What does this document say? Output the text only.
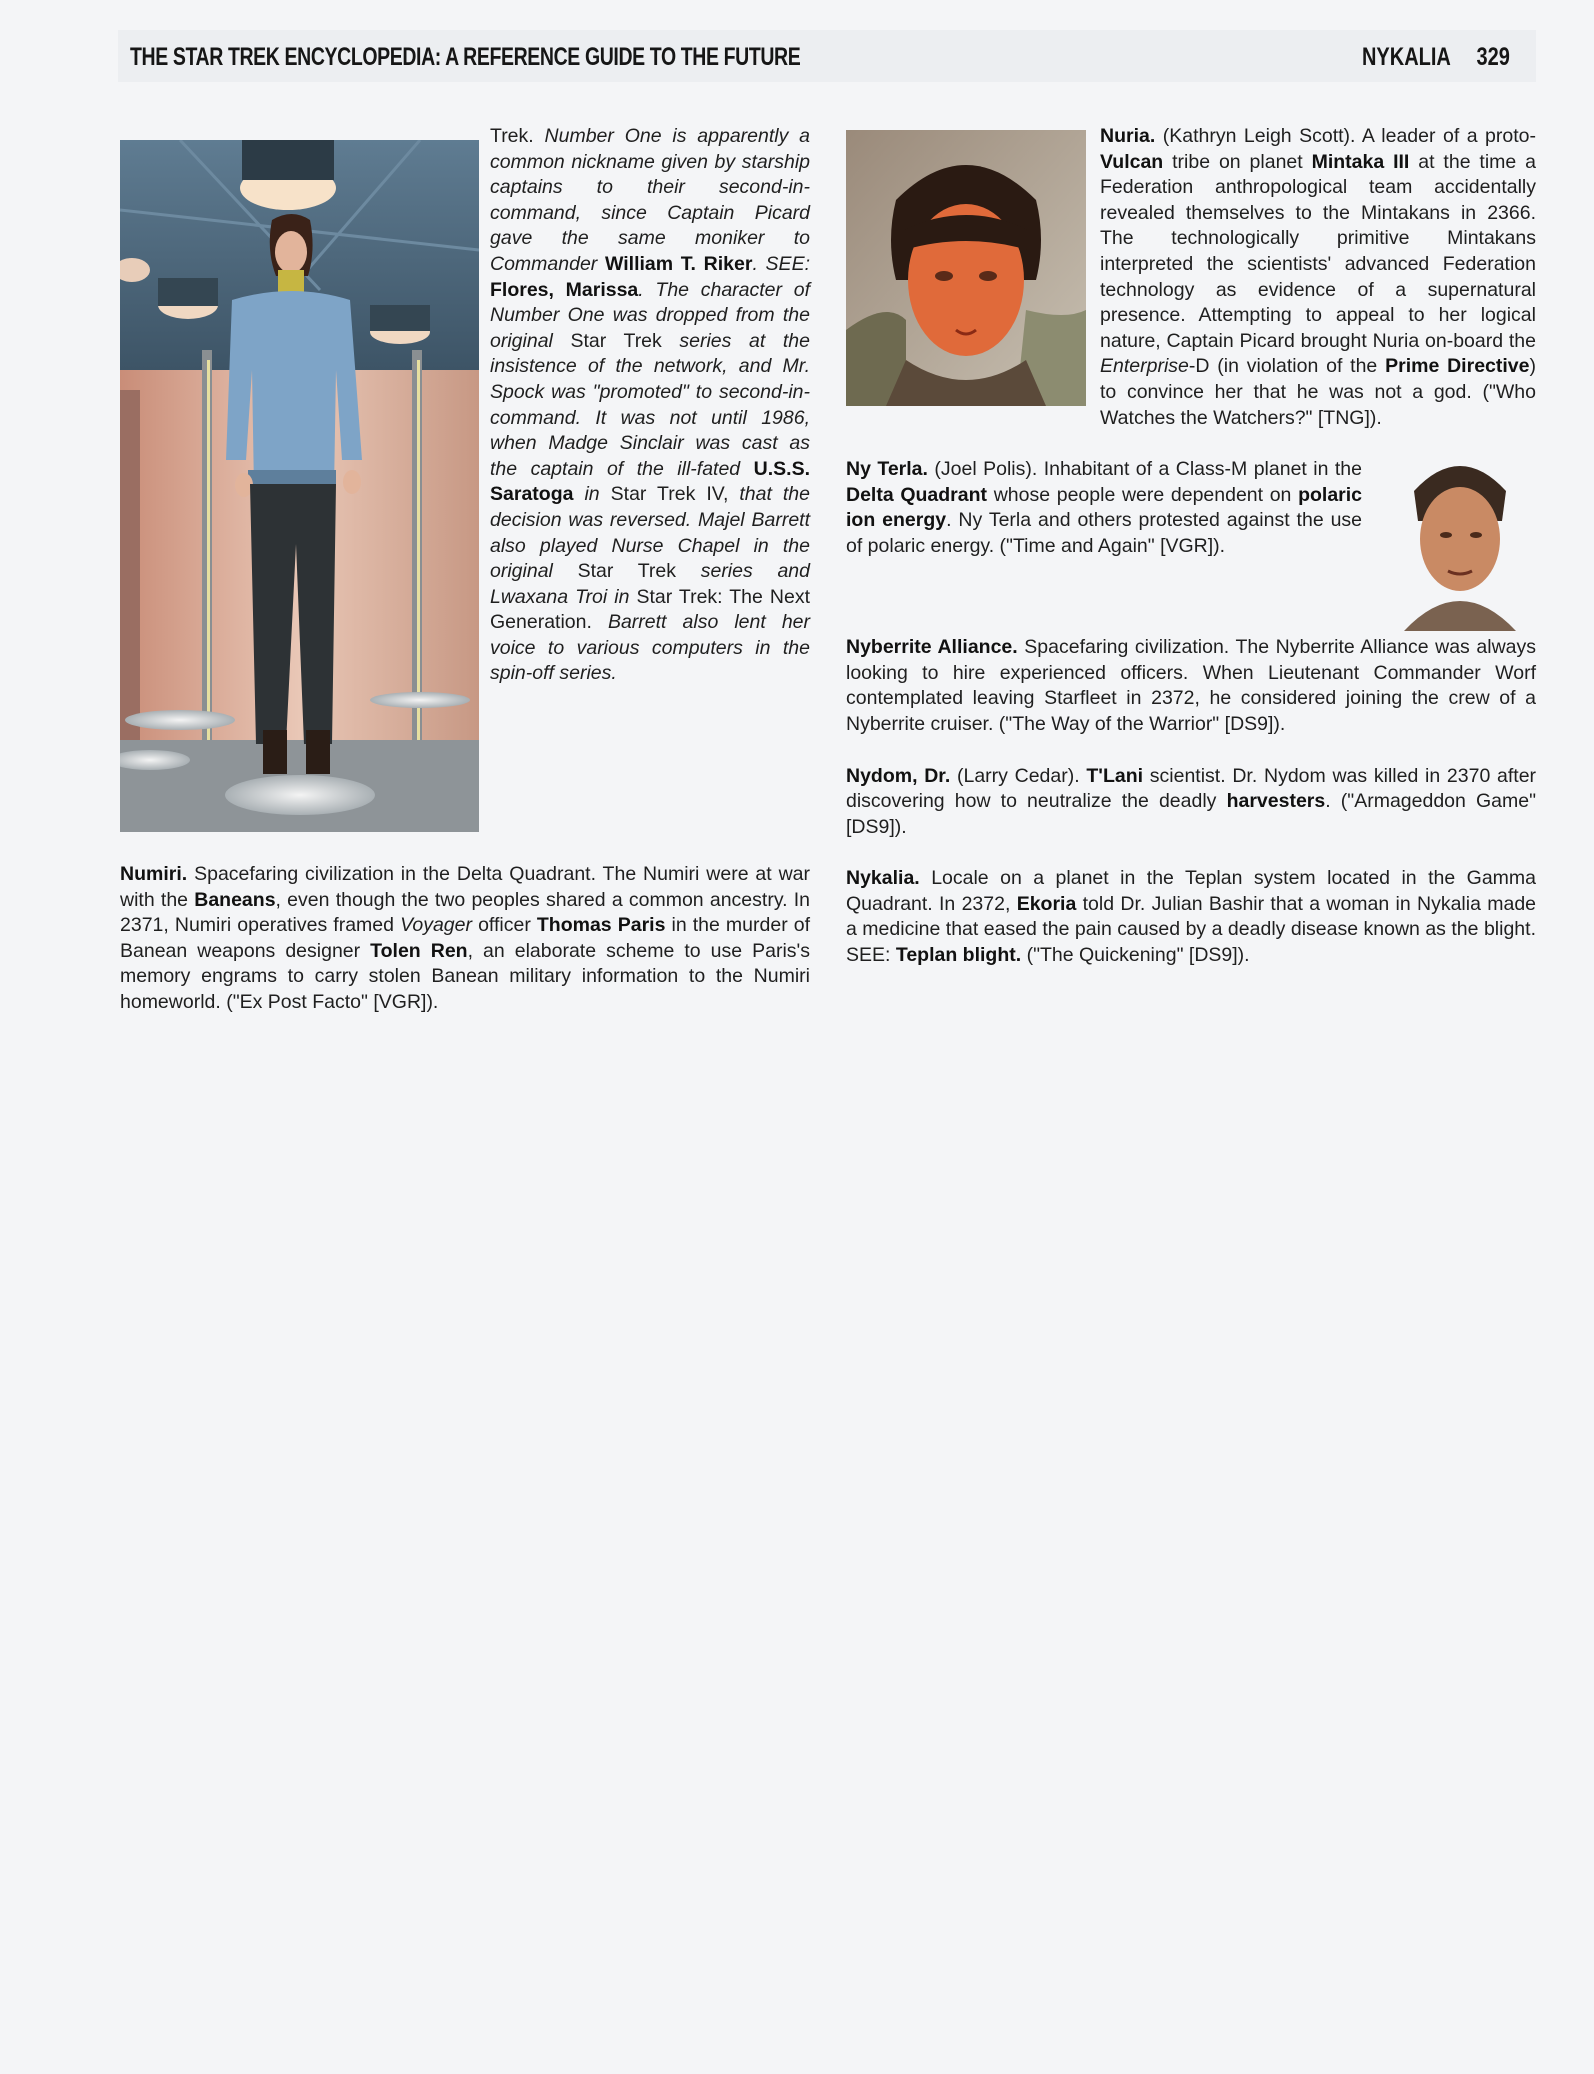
THE STAR TREK ENCYCLOPEDIA: A REFERENCE GUIDE TO THE FUTURE	NYKALIA 329

Trek. Number One is apparently a common nickname given by starship captains to their second-in-command, since Captain Picard gave the same moniker to Commander William T. Riker. SEE: Flores, Marissa. The character of Number One was dropped from the original Star Trek series at the insistence of the network, and Mr. Spock was "promoted" to second-in-command. It was not until 1986, when Madge Sinclair was cast as the captain of the ill-fated U.S.S. Saratoga in Star Trek IV, that the decision was reversed. Majel Barrett also played Nurse Chapel in the original Star Trek series and Lwaxana Troi in Star Trek: The Next Generation. Barrett also lent her voice to various computers in the spin-off series.

Numiri. Spacefaring civilization in the Delta Quadrant. The Numiri were at war with the Baneans, even though the two peoples shared a common ancestry. In 2371, Numiri operatives framed Voyager officer Thomas Paris in the murder of Banean weapons designer Tolen Ren, an elaborate scheme to use Paris's memory engrams to carry stolen Banean military information to the Numiri homeworld. ("Ex Post Facto" [VGR]).

Nuria. (Kathryn Leigh Scott). A leader of a proto-Vulcan tribe on planet Mintaka III at the time a Federation anthropological team accidentally revealed themselves to the Mintakans in 2366. The technologically primitive Mintakans interpreted the scientists' advanced Federation technology as evidence of a supernatural presence. Attempting to appeal to her logical nature, Captain Picard brought Nuria on-board the Enterprise-D (in violation of the Prime Directive) to convince her that he was not a god. ("Who Watches the Watchers?" [TNG]).

Ny Terla. (Joel Polis). Inhabitant of a Class-M planet in the Delta Quadrant whose people were dependent on polaric ion energy. Ny Terla and others protested against the use of polaric energy. ("Time and Again" [VGR]).

Nyberrite Alliance. Spacefaring civilization. The Nyberrite Alliance was always looking to hire experienced officers. When Lieutenant Commander Worf contemplated leaving Starfleet in 2372, he considered joining the crew of a Nyberrite cruiser. ("The Way of the Warrior" [DS9]).

Nydom, Dr. (Larry Cedar). T'Lani scientist. Dr. Nydom was killed in 2370 after discovering how to neutralize the deadly harvesters. ("Armageddon Game" [DS9]).

Nykalia. Locale on a planet in the Teplan system located in the Gamma Quadrant. In 2372, Ekoria told Dr. Julian Bashir that a woman in Nykalia made a medicine that eased the pain caused by a deadly disease known as the blight. SEE: Teplan blight. ("The Quickening" [DS9]).
